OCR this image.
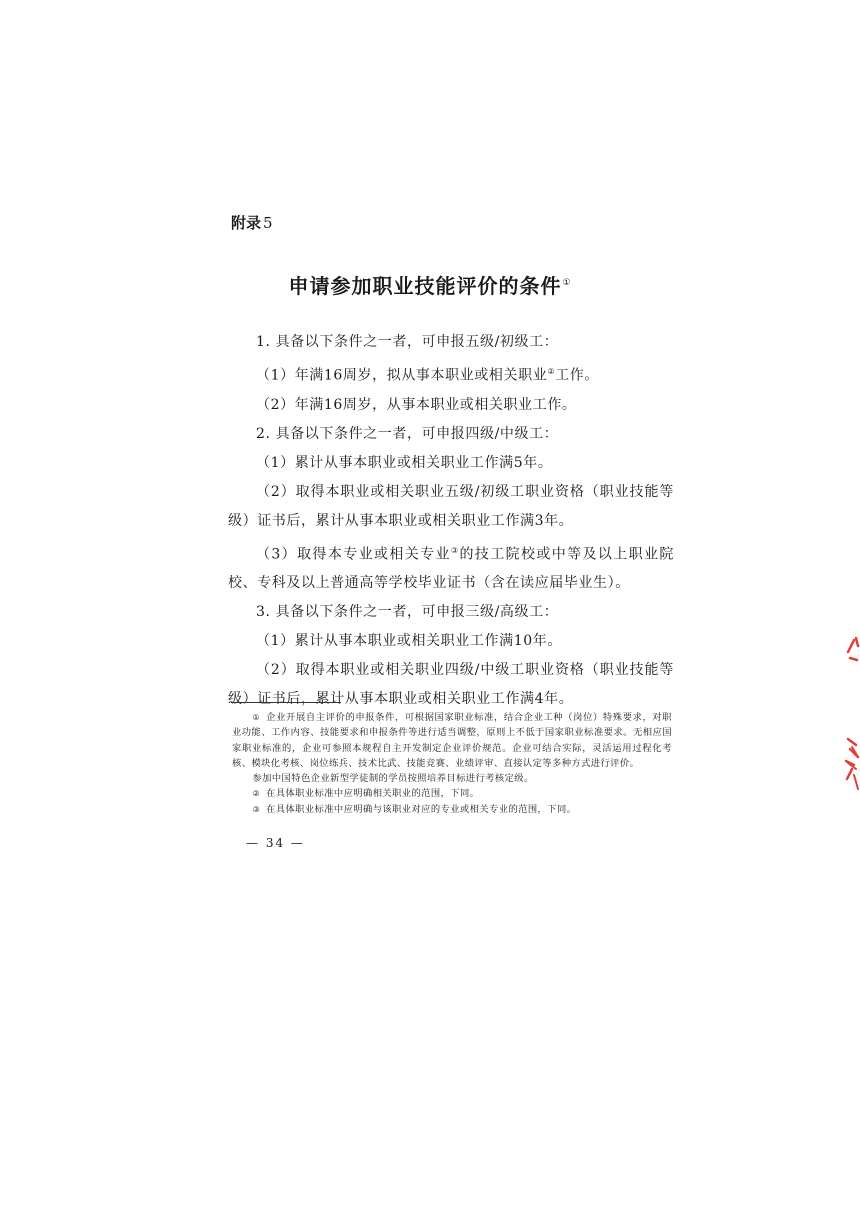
附录 5
申请参加职业技能评价的条件①

1. 具备以下条件之一者，可申报五级/初级工：

（1）年满16周岁，拟从事本职业或相关职业②工作。

（2）年满16周岁，从事本职业或相关职业工作。

2. 具备以下条件之一者，可申报四级/中级工：

（1）累计从事本职业或相关职业工作满5年。

（2）取得本职业或相关职业五级/初级工职业资格（职业技能等级）证书后，累计从事本职业或相关职业工作满3年。

（3）取得本专业或相关专业③的技工院校或中等及以上职业院校、专科及以上普通高等学校毕业证书（含在读应届毕业生）。

3. 具备以下条件之一者，可申报三级/高级工：

（1）累计从事本职业或相关职业工作满10年。

（2）取得本职业或相关职业四级/中级工职业资格（职业技能等级）证书后，累计从事本职业或相关职业工作满4年。

① 企业开展自主评价的申报条件，可根据国家职业标准，结合企业工种（岗位）特殊要求，对职业功能、工作内容、技能要求和申报条件等进行适当调整，原则上不低于国家职业标准要求。无相应国家职业标准的，企业可参照本规程自主开发制定企业评价规范。企业可结合实际，灵活运用过程化考核、模块化考核、岗位练兵、技术比武、技能竞赛、业绩评审、直接认定等多种方式进行评价。

参加中国特色企业新型学徒制的学员按照培养目标进行考核定级。

② 在具体职业标准中应明确相关职业的范围，下同。

③ 在具体职业标准中应明确与该职业对应的专业或相关专业的范围，下同。

— 34 —
